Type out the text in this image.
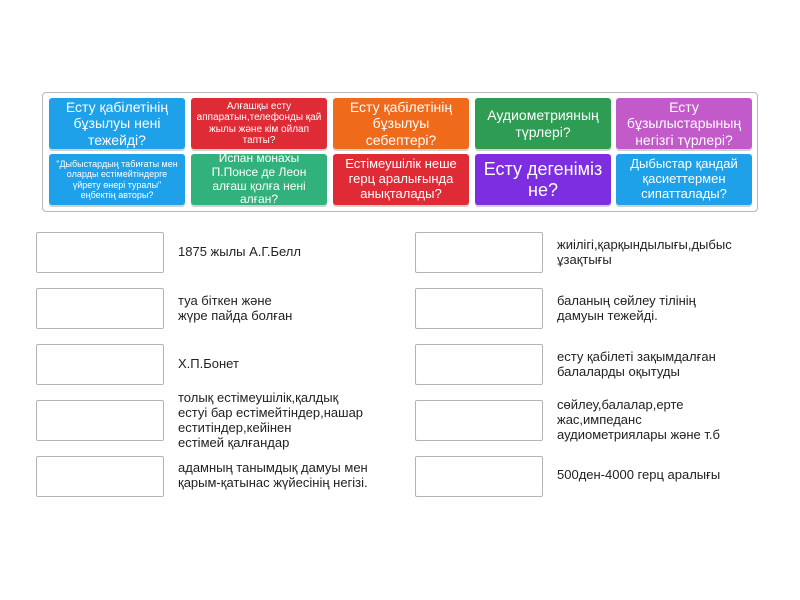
Есту қабілетінің бұзылуы нені тежейді?
Алғашқы есту аппаратын,телефонды қай жылы және кім ойлап тапты?
Есту қабілетінің бұзылуы себептері?
Аудиометрияның түрлері?
Есту бұзылыстарының негізгі түрлері?
"Дыбыстардың табиғаты мен оларды естімейтіндерге үйрету өнері туралы" еңбектің авторы?
Испан монахы П.Понсе де Леон алғаш қолға нені алған?
Естімеушілік неше герц аралығында анықталады?
Есту дегеніміз не?
Дыбыстар қандай қасиеттермен сипатталады?
1875 жылы А.Г.Белл
туа біткен және
жүре пайда болған
Х.П.Бонет
толық естімеушілік,қалдық
естуі бар естімейтіндер,нашар
еститіндер,кейінен
естімей қалғандар
адамның танымдық дамуы мен
қарым-қатынас жүйесінің негізі.
жиілігі,қарқындылығы,дыбыс
ұзақтығы
баланың сөйлеу тілінің
дамуын тежейді.
есту қабілеті зақымдалған
балаларды оқытуды
сөйлеу,балалар,ерте
жас,импеданс
аудиометриялары және т.б
500ден-4000 герц аралығы
